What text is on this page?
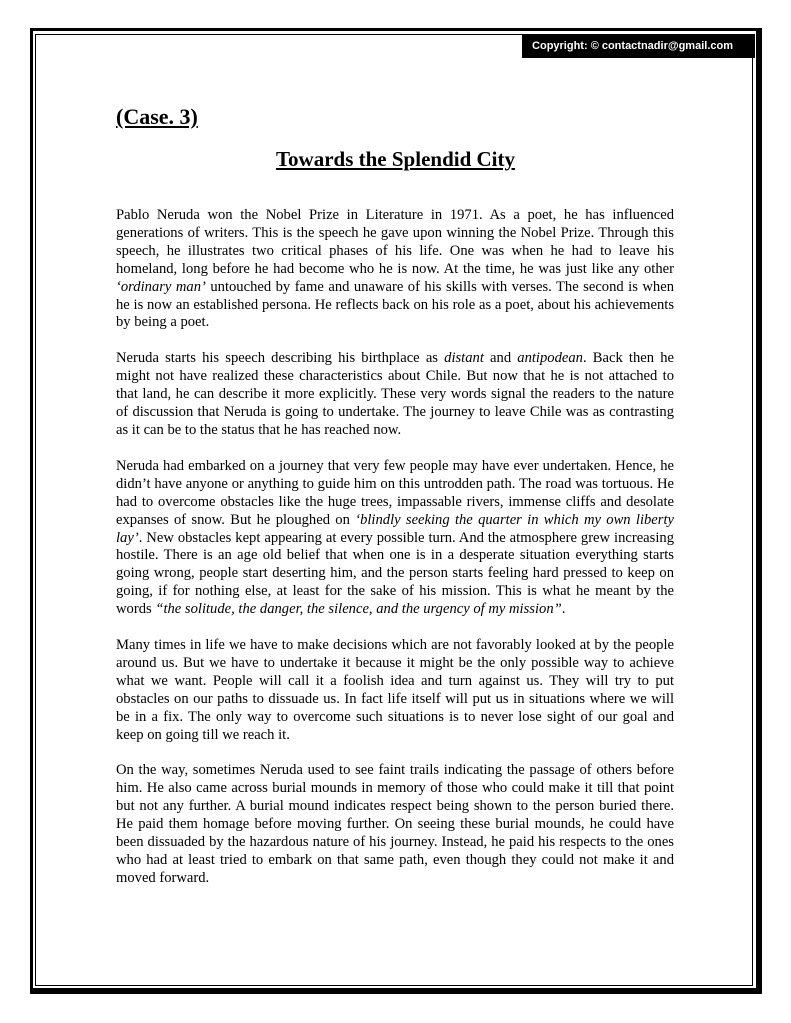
Copyright: © contactnadir@gmail.com
(Case. 3)
Towards the Splendid City

Pablo Neruda won the Nobel Prize in Literature in 1971. As a poet, he has influenced generations of writers. This is the speech he gave upon winning the Nobel Prize. Through this speech, he illustrates two critical phases of his life. One was when he had to leave his homeland, long before he had become who he is now. At the time, he was just like any other ‘ordinary man’ untouched by fame and unaware of his skills with verses. The second is when he is now an established persona. He reflects back on his role as a poet, about his achievements by being a poet.

Neruda starts his speech describing his birthplace as distant and antipodean. Back then he might not have realized these characteristics about Chile. But now that he is not attached to that land, he can describe it more explicitly. These very words signal the readers to the nature of discussion that Neruda is going to undertake. The journey to leave Chile was as contrasting as it can be to the status that he has reached now.

Neruda had embarked on a journey that very few people may have ever undertaken. Hence, he didn’t have anyone or anything to guide him on this untrodden path. The road was tortuous. He had to overcome obstacles like the huge trees, impassable rivers, immense cliffs and desolate expanses of snow. But he ploughed on ‘blindly seeking the quarter in which my own liberty lay’. New obstacles kept appearing at every possible turn. And the atmosphere grew increasing hostile. There is an age old belief that when one is in a desperate situation everything starts going wrong, people start deserting him, and the person starts feeling hard pressed to keep on going, if for nothing else, at least for the sake of his mission. This is what he meant by the words “the solitude, the danger, the silence, and the urgency of my mission”.

Many times in life we have to make decisions which are not favorably looked at by the people around us. But we have to undertake it because it might be the only possible way to achieve what we want. People will call it a foolish idea and turn against us. They will try to put obstacles on our paths to dissuade us. In fact life itself will put us in situations where we will be in a fix. The only way to overcome such situations is to never lose sight of our goal and keep on going till we reach it.

On the way, sometimes Neruda used to see faint trails indicating the passage of others before him. He also came across burial mounds in memory of those who could make it till that point but not any further. A burial mound indicates respect being shown to the person buried there. He paid them homage before moving further. On seeing these burial mounds, he could have been dissuaded by the hazardous nature of his journey. Instead, he paid his respects to the ones who had at least tried to embark on that same path, even though they could not make it and moved forward.
